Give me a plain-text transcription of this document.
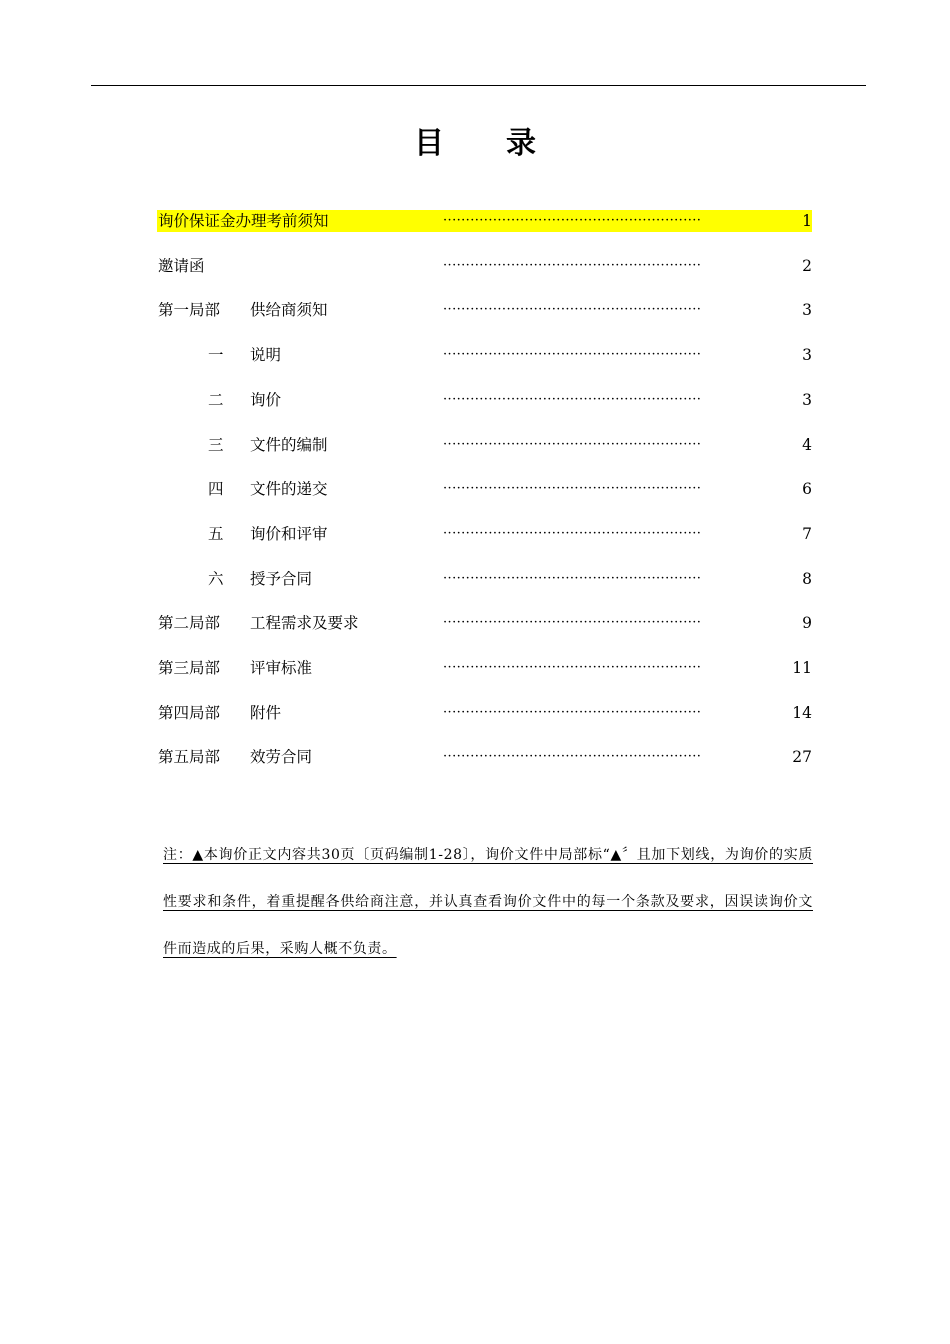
目 录
询价保证金办理考前须知	·························································	1
邀请函	·························································	2
第一局部 供给商须知	·························································	3
一 说明	·························································	3
二 询价	·························································	3
三 文件的编制	·························································	4
四 文件的递交	·························································	6
五 询价和评审	·························································	7
六 授予合同	·························································	8
第二局部 工程需求及要求	·························································	9
第三局部 评审标准	·························································	11
第四局部 附件	·························································	14
第五局部 效劳合同	·························································	27
注：▲本询价正文内容共30页〔页码编制1-28〕，询价文件中局部标“▲〞且加下划线，为询价的实质性要求和条件，着重提醒各供给商注意，并认真查看询价文件中的每一个条款及要求，因误读询价文件而造成的后果，采购人概不负责。
